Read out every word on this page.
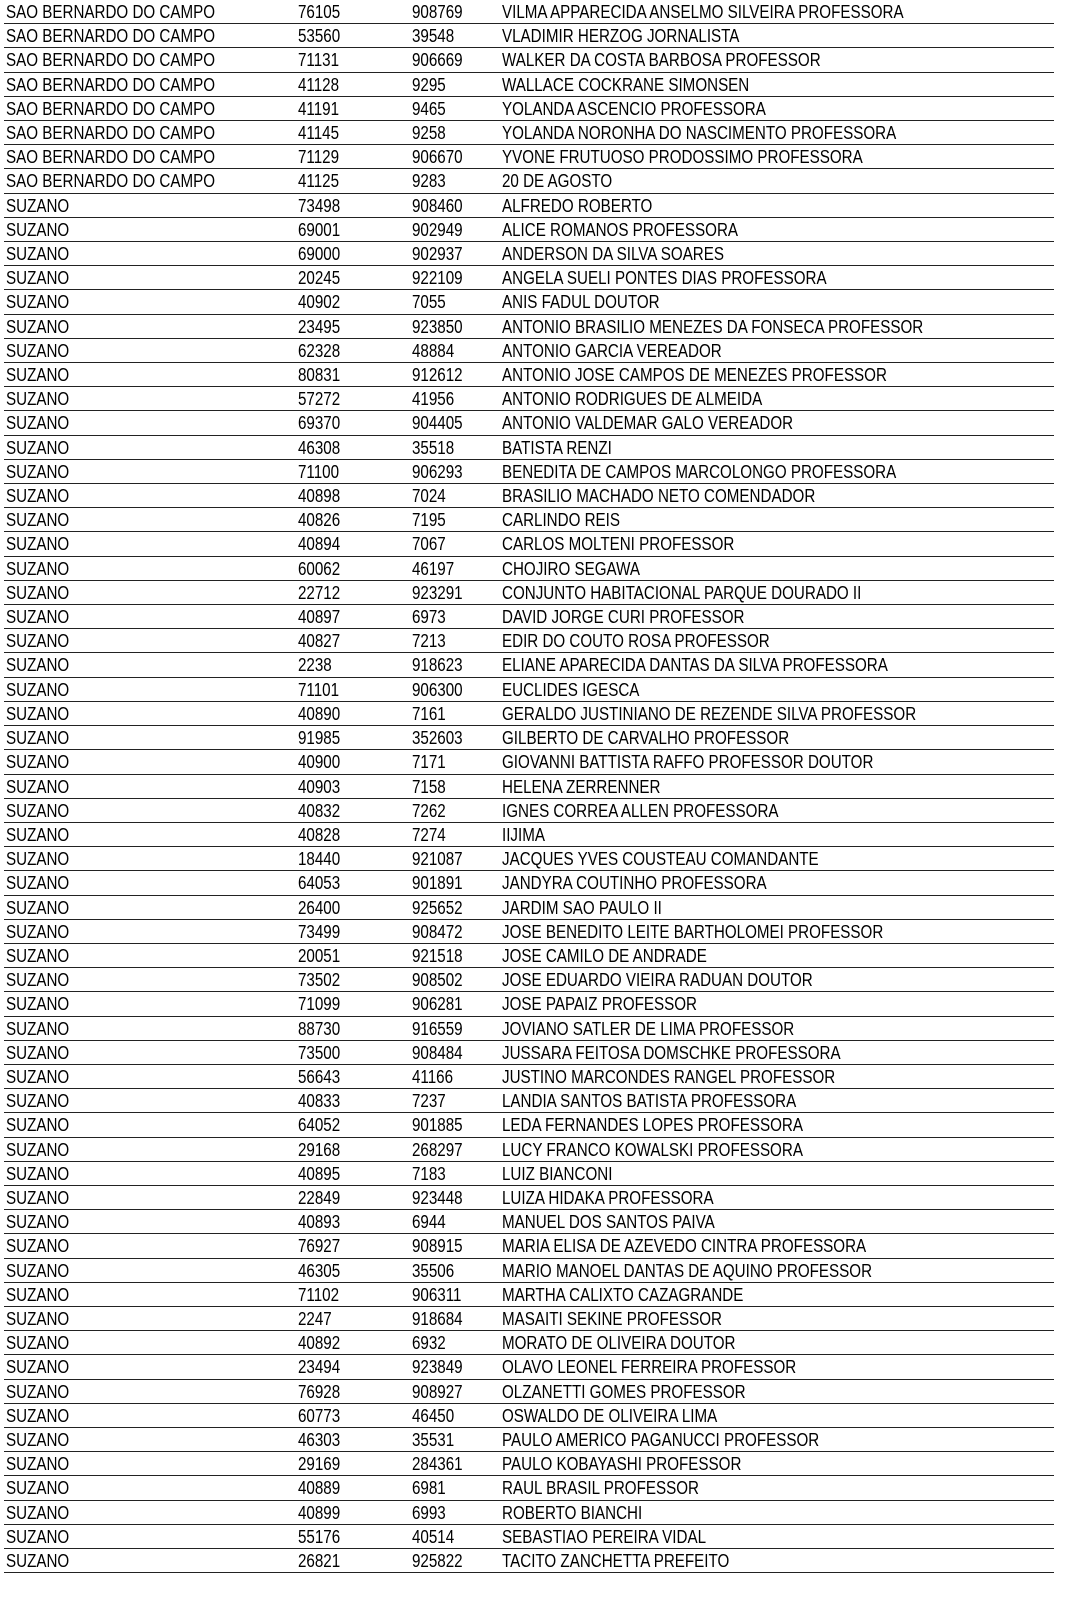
SAO BERNARDO DO CAMPO	76105	908769	VILMA APPARECIDA ANSELMO SILVEIRA PROFESSORA
SAO BERNARDO DO CAMPO	53560	39548	VLADIMIR HERZOG JORNALISTA
SAO BERNARDO DO CAMPO	71131	906669	WALKER DA COSTA BARBOSA PROFESSOR
SAO BERNARDO DO CAMPO	41128	9295	WALLACE COCKRANE SIMONSEN
SAO BERNARDO DO CAMPO	41191	9465	YOLANDA ASCENCIO PROFESSORA
SAO BERNARDO DO CAMPO	41145	9258	YOLANDA NORONHA DO NASCIMENTO PROFESSORA
SAO BERNARDO DO CAMPO	71129	906670	YVONE FRUTUOSO PRODOSSIMO PROFESSORA
SAO BERNARDO DO CAMPO	41125	9283	20 DE AGOSTO
SUZANO	73498	908460	ALFREDO ROBERTO
SUZANO	69001	902949	ALICE ROMANOS PROFESSORA
SUZANO	69000	902937	ANDERSON DA SILVA SOARES
SUZANO	20245	922109	ANGELA SUELI PONTES DIAS PROFESSORA
SUZANO	40902	7055	ANIS FADUL DOUTOR
SUZANO	23495	923850	ANTONIO BRASILIO MENEZES DA FONSECA PROFESSOR
SUZANO	62328	48884	ANTONIO GARCIA VEREADOR
SUZANO	80831	912612	ANTONIO JOSE CAMPOS DE MENEZES PROFESSOR
SUZANO	57272	41956	ANTONIO RODRIGUES DE ALMEIDA
SUZANO	69370	904405	ANTONIO VALDEMAR GALO VEREADOR
SUZANO	46308	35518	BATISTA RENZI
SUZANO	71100	906293	BENEDITA DE CAMPOS MARCOLONGO PROFESSORA
SUZANO	40898	7024	BRASILIO MACHADO NETO COMENDADOR
SUZANO	40826	7195	CARLINDO REIS
SUZANO	40894	7067	CARLOS MOLTENI PROFESSOR
SUZANO	60062	46197	CHOJIRO SEGAWA
SUZANO	22712	923291	CONJUNTO HABITACIONAL PARQUE DOURADO II
SUZANO	40897	6973	DAVID JORGE CURI PROFESSOR
SUZANO	40827	7213	EDIR DO COUTO ROSA PROFESSOR
SUZANO	2238	918623	ELIANE APARECIDA DANTAS DA SILVA PROFESSORA
SUZANO	71101	906300	EUCLIDES IGESCA
SUZANO	40890	7161	GERALDO JUSTINIANO DE REZENDE SILVA PROFESSOR
SUZANO	91985	352603	GILBERTO DE CARVALHO PROFESSOR
SUZANO	40900	7171	GIOVANNI BATTISTA RAFFO PROFESSOR DOUTOR
SUZANO	40903	7158	HELENA ZERRENNER
SUZANO	40832	7262	IGNES CORREA ALLEN PROFESSORA
SUZANO	40828	7274	IIJIMA
SUZANO	18440	921087	JACQUES YVES COUSTEAU COMANDANTE
SUZANO	64053	901891	JANDYRA COUTINHO PROFESSORA
SUZANO	26400	925652	JARDIM SAO PAULO II
SUZANO	73499	908472	JOSE BENEDITO LEITE BARTHOLOMEI PROFESSOR
SUZANO	20051	921518	JOSE CAMILO DE ANDRADE
SUZANO	73502	908502	JOSE EDUARDO VIEIRA RADUAN DOUTOR
SUZANO	71099	906281	JOSE PAPAIZ PROFESSOR
SUZANO	88730	916559	JOVIANO SATLER DE LIMA PROFESSOR
SUZANO	73500	908484	JUSSARA FEITOSA DOMSCHKE PROFESSORA
SUZANO	56643	41166	JUSTINO MARCONDES RANGEL PROFESSOR
SUZANO	40833	7237	LANDIA SANTOS BATISTA PROFESSORA
SUZANO	64052	901885	LEDA FERNANDES LOPES PROFESSORA
SUZANO	29168	268297	LUCY FRANCO KOWALSKI PROFESSORA
SUZANO	40895	7183	LUIZ BIANCONI
SUZANO	22849	923448	LUIZA HIDAKA PROFESSORA
SUZANO	40893	6944	MANUEL DOS SANTOS PAIVA
SUZANO	76927	908915	MARIA ELISA DE AZEVEDO CINTRA PROFESSORA
SUZANO	46305	35506	MARIO MANOEL DANTAS DE AQUINO PROFESSOR
SUZANO	71102	906311	MARTHA CALIXTO CAZAGRANDE
SUZANO	2247	918684	MASAITI SEKINE PROFESSOR
SUZANO	40892	6932	MORATO DE OLIVEIRA DOUTOR
SUZANO	23494	923849	OLAVO LEONEL FERREIRA PROFESSOR
SUZANO	76928	908927	OLZANETTI GOMES PROFESSOR
SUZANO	60773	46450	OSWALDO DE OLIVEIRA LIMA
SUZANO	46303	35531	PAULO AMERICO PAGANUCCI PROFESSOR
SUZANO	29169	284361	PAULO KOBAYASHI PROFESSOR
SUZANO	40889	6981	RAUL BRASIL PROFESSOR
SUZANO	40899	6993	ROBERTO BIANCHI
SUZANO	55176	40514	SEBASTIAO PEREIRA VIDAL
SUZANO	26821	925822	TACITO ZANCHETTA PREFEITO
